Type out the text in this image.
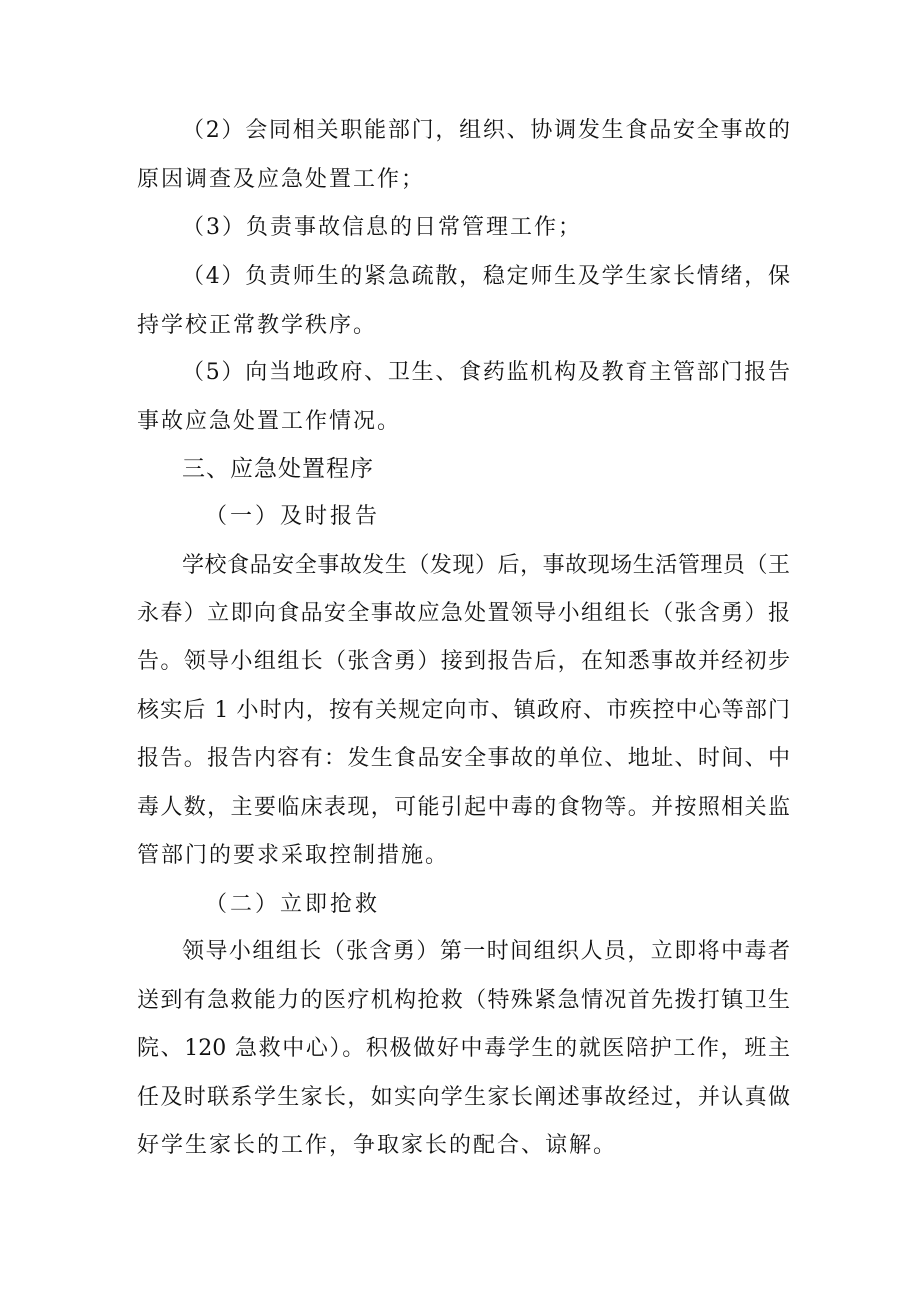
（2）会同相关职能部门，组织、协调发生食品安全事故的
原因调查及应急处置工作；
（3）负责事故信息的日常管理工作；
（4）负责师生的紧急疏散，稳定师生及学生家长情绪，保
持学校正常教学秩序。
（5）向当地政府、卫生、食药监机构及教育主管部门报告
事故应急处置工作情况。
三、应急处置程序
（一）及时报告
学校食品安全事故发生（发现）后，事故现场生活管理员（王
永春）立即向食品安全事故应急处置领导小组组长（张含勇）报
告。领导小组组长（张含勇）接到报告后，在知悉事故并经初步
核实后 1 小时内，按有关规定向市、镇政府、市疾控中心等部门
报告。报告内容有：发生食品安全事故的单位、地址、时间、中
毒人数，主要临床表现，可能引起中毒的食物等。并按照相关监
管部门的要求采取控制措施。
（二）立即抢救
领导小组组长（张含勇）第一时间组织人员，立即将中毒者
送到有急救能力的医疗机构抢救（特殊紧急情况首先拨打镇卫生
院、120 急救中心）。积极做好中毒学生的就医陪护工作，班主
任及时联系学生家长，如实向学生家长阐述事故经过，并认真做
好学生家长的工作，争取家长的配合、谅解。
